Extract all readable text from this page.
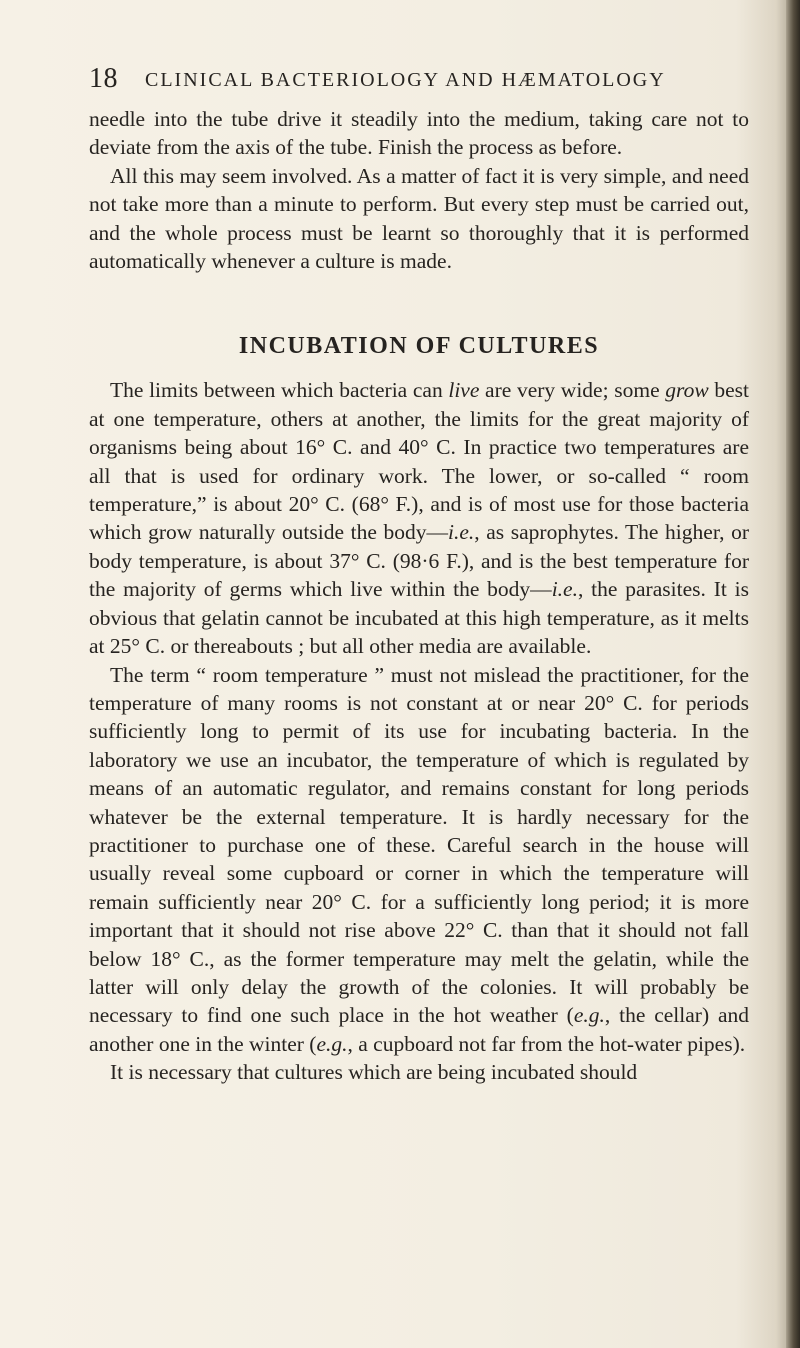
18 CLINICAL BACTERIOLOGY AND HÆMATOLOGY

needle into the tube drive it steadily into the medium, taking care not to deviate from the axis of the tube. Finish the process as before.

All this may seem involved. As a matter of fact it is very simple, and need not take more than a minute to perform. But every step must be carried out, and the whole process must be learnt so thoroughly that it is performed automatically whenever a culture is made.

INCUBATION OF CULTURES

The limits between which bacteria can live are very wide; some grow best at one temperature, others at another, the limits for the great majority of organisms being about 16° C. and 40° C. In practice two temperatures are all that is used for ordinary work. The lower, or so-called “ room temperature,” is about 20° C. (68° F.), and is of most use for those bacteria which grow naturally outside the body—i.e., as saprophytes. The higher, or body temperature, is about 37° C. (98·6 F.), and is the best temperature for the majority of germs which live within the body—i.e., the parasites. It is obvious that gelatin cannot be incubated at this high temperature, as it melts at 25° C. or thereabouts ; but all other media are available.

The term “ room temperature ” must not mislead the practitioner, for the temperature of many rooms is not constant at or near 20° C. for periods sufficiently long to permit of its use for incubating bacteria. In the laboratory we use an incubator, the temperature of which is regulated by means of an automatic regulator, and remains constant for long periods whatever be the external temperature. It is hardly necessary for the practitioner to purchase one of these. Careful search in the house will usually reveal some cupboard or corner in which the temperature will remain sufficiently near 20° C. for a sufficiently long period; it is more important that it should not rise above 22° C. than that it should not fall below 18° C., as the former temperature may melt the gelatin, while the latter will only delay the growth of the colonies. It will probably be necessary to find one such place in the hot weather (e.g., the cellar) and another one in the winter (e.g., a cupboard not far from the hot-water pipes).

It is necessary that cultures which are being incubated should
